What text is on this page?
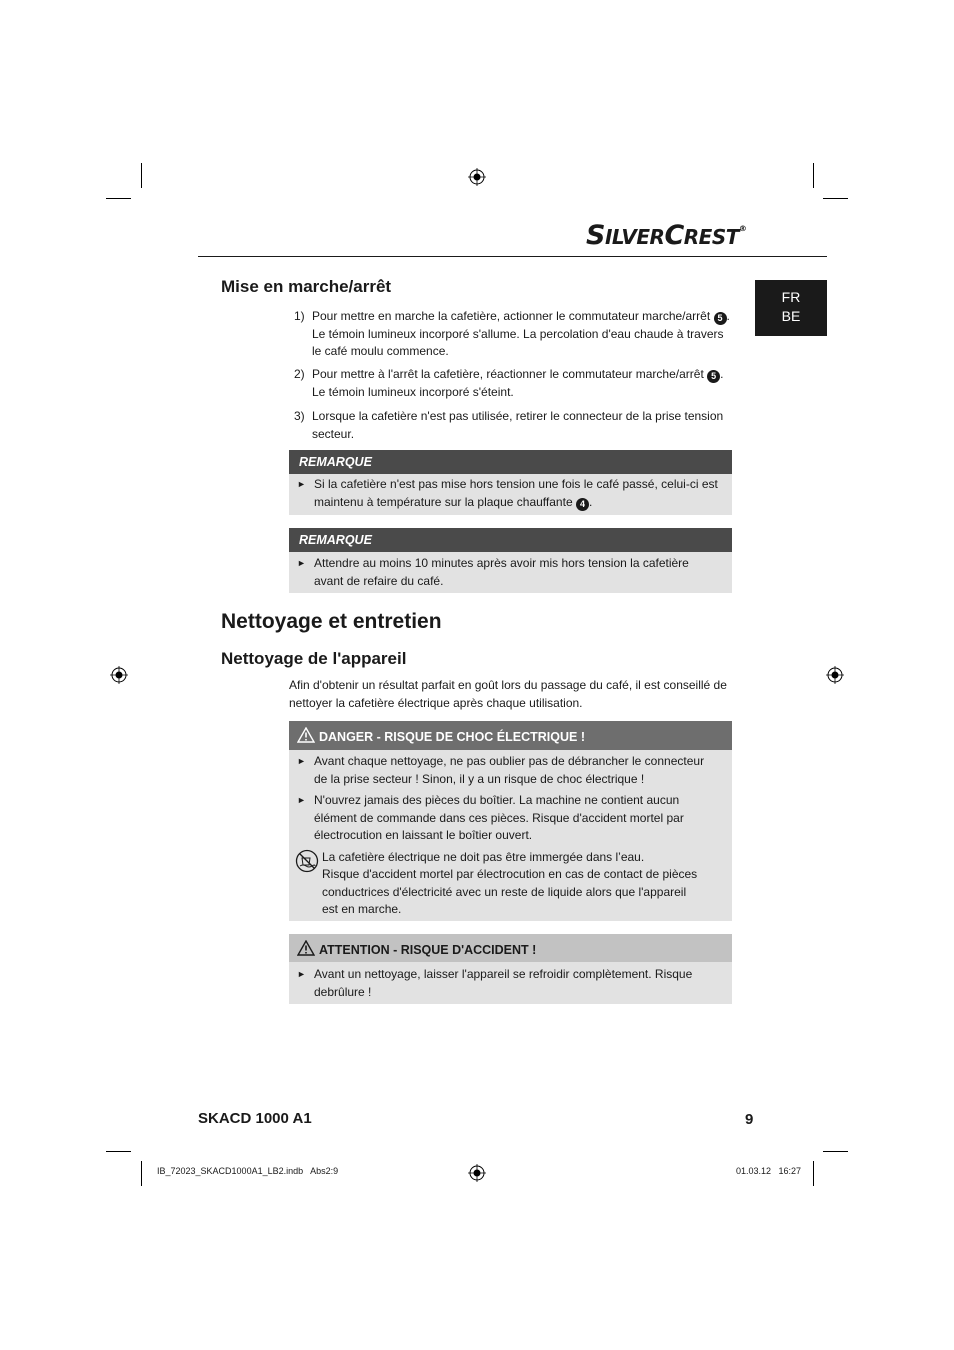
SILVERCREST®
FR
BE
Mise en marche/arrêt
1) Pour mettre en marche la cafetière, actionner le commutateur marche/arrêt 5 . Le témoin lumineux incorporé s'allume. La percolation d'eau chaude à travers le café moulu commence.
2) Pour mettre à l'arrêt la cafetière, réactionner le commutateur marche/arrêt 5 . Le témoin lumineux incorporé s'éteint.
3) Lorsque la cafetière n'est pas utilisée, retirer le connecteur de la prise tension secteur.
REMARQUE
► Si la cafetière n'est pas mise hors tension une fois le café passé, celui-ci est maintenu à température sur la plaque chauffante 4 .
REMARQUE
► Attendre au moins 10 minutes après avoir mis hors tension la cafetière avant de refaire du café.
Nettoyage et entretien
Nettoyage de l'appareil
Afin d'obtenir un résultat parfait en goût lors du passage du café, il est conseillé de nettoyer la cafetière électrique après chaque utilisation.
DANGER - RISQUE DE CHOC ÉLECTRIQUE !
► Avant chaque nettoyage, ne pas oublier pas de débrancher le connecteur de la prise secteur ! Sinon, il y a un risque de choc électrique !
► N'ouvrez jamais des pièces du boîtier. La machine ne contient aucun élément de commande dans ces pièces. Risque d'accident mortel par électrocution en laissant le boîtier ouvert.
La cafetière électrique ne doit pas être immergée dans l’eau.
Risque d'accident mortel par électrocution en cas de contact de pièces conductrices d'électricité avec un reste de liquide alors que l'appareil est en marche.
ATTENTION - RISQUE D'ACCIDENT !
► Avant un nettoyage, laisser l'appareil se refroidir complètement. Risque debrûlure !
SKACD 1000 A1	9
IB_72023_SKACD1000A1_LB2.indb   Abs2:9	01.03.12   16:27
